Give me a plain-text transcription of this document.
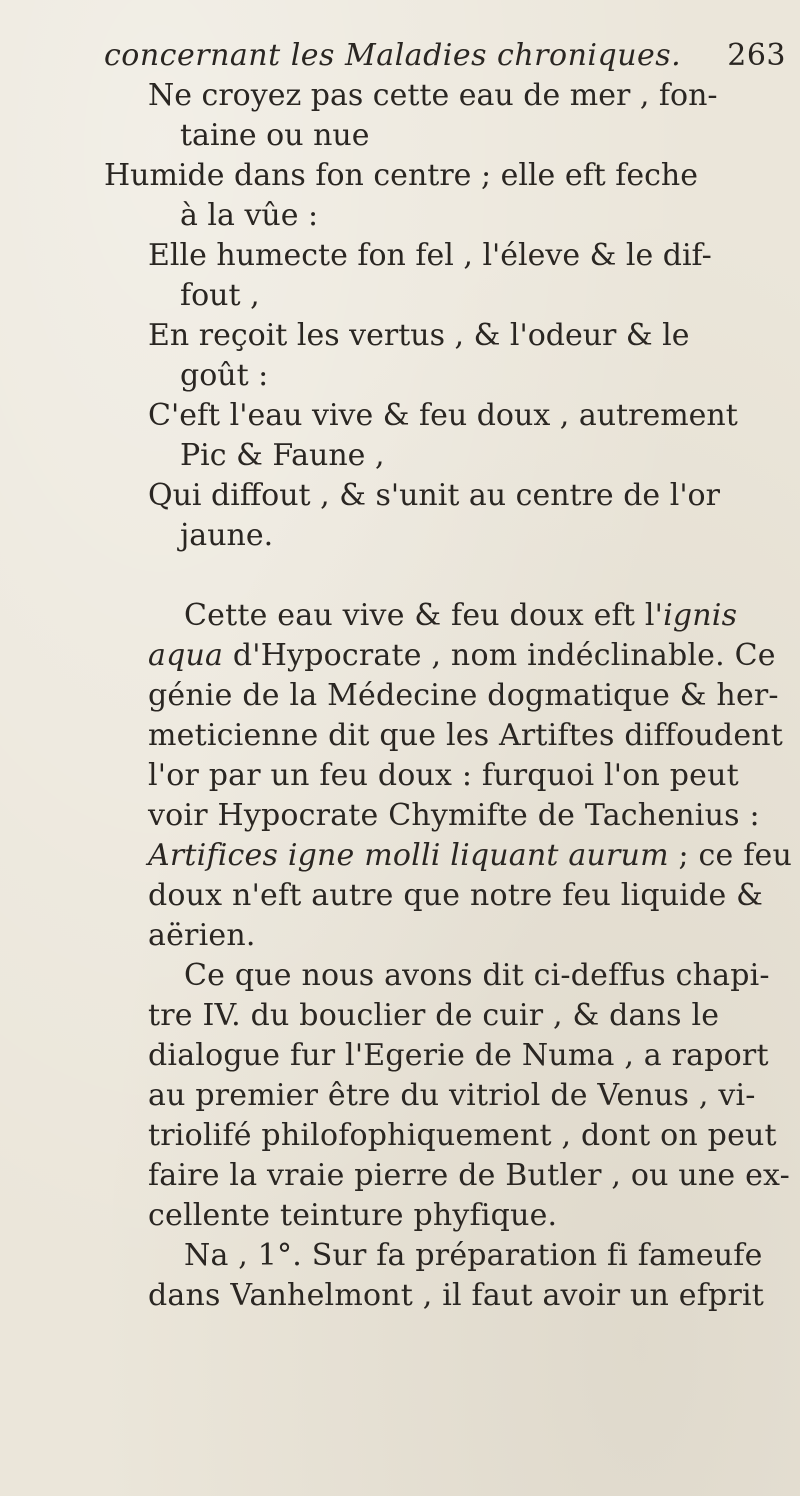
concernant les Maladies chroniques. 263
Ne croyez pas cette eau de mer , fon-
taine ou nue
Humide dans fon centre ; elle eft feche
à la vûe :
Elle humecte fon fel , l'éleve & le dif-
fout ,
En reçoit les vertus , & l'odeur & le
goût :
C'eft l'eau vive & feu doux , autrement
Pic & Faune ,
Qui diffout , & s'unit au centre de l'or
jaune.
Cette eau vive & feu doux eft l'ignis
aqua d'Hypocrate , nom indéclinable. Ce
génie de la Médecine dogmatique & her-
meticienne dit que les Artiftes diffoudent
l'or par un feu doux : furquoi l'on peut
voir Hypocrate Chymifte de Tachenius :
Artifices igne molli liquant aurum ; ce feu
doux n'eft autre que notre feu liquide &
aërien.
Ce que nous avons dit ci-deffus chapi-
tre IV. du bouclier de cuir , & dans le
dialogue fur l'Egerie de Numa , a raport
au premier être du vitriol de Venus , vi-
triolifé philofophiquement , dont on peut
faire la vraie pierre de Butler , ou une ex-
cellente teinture phyfique.
Na , 1°. Sur fa préparation fi fameufe
dans Vanhelmont , il faut avoir un efprit
